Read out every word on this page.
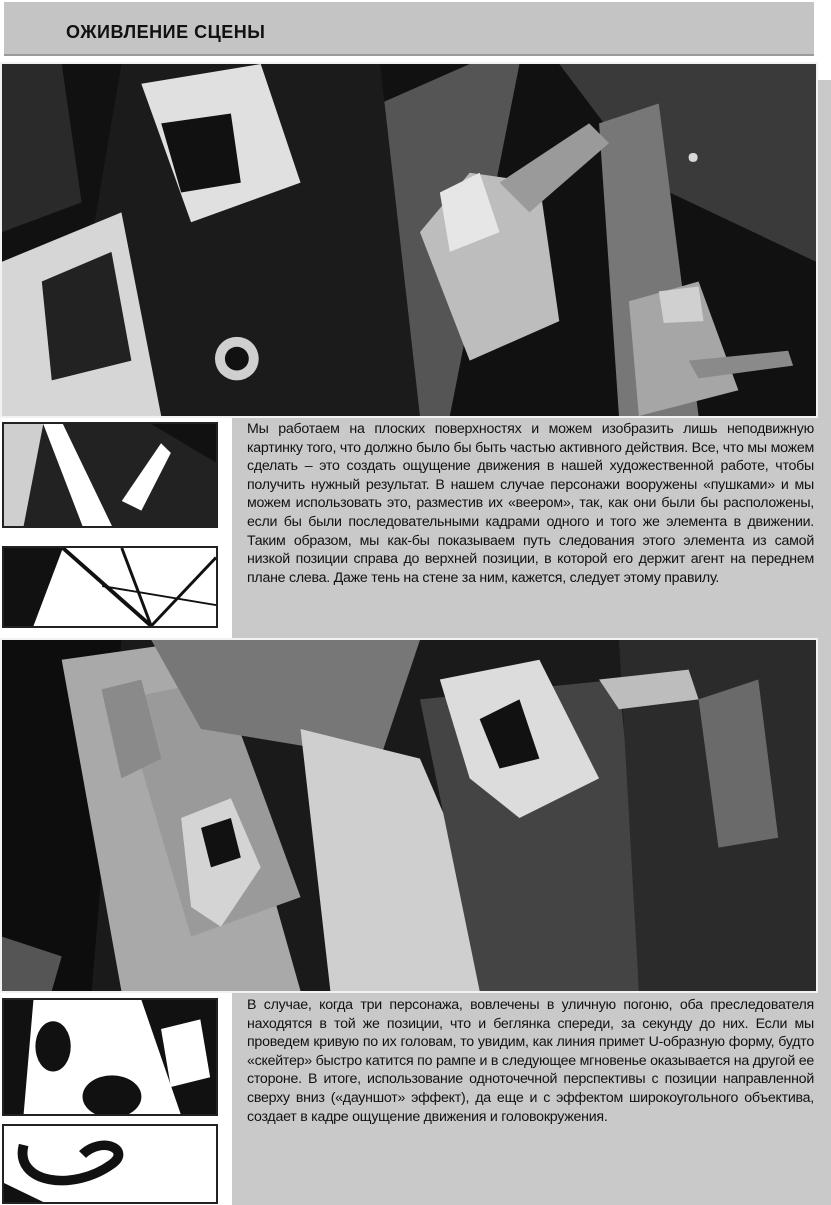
ОЖИВЛЕНИЕ СЦЕНЫ
Мы работаем на плоских поверхностях и можем изобразить лишь неподвижную картинку того, что должно было бы быть частью активного действия. Все, что мы можем сделать – это создать ощущение движения в нашей художественной работе, чтобы получить нужный результат. В нашем случае персонажи вооружены «пушками» и мы можем использовать это, разместив их «веером», так, как они были бы расположены, если бы были последовательными кадрами одного и того же элемента в движении. Таким образом, мы как-бы показываем путь следования этого элемента из самой низкой позиции справа до верхней позиции, в которой его держит агент на переднем плане слева. Даже тень на стене за ним, кажется, следует этому правилу.
В случае, когда три персонажа, вовлечены в уличную погоню, оба преследователя находятся в той же позиции, что и беглянка спереди, за секунду до них. Если мы проведем кривую по их головам, то увидим, как линия примет U-образную форму, будто «скейтер» быстро катится по рампе и в следующее мгновенье оказывается на другой ее стороне. В итоге, использование одноточечной перспективы с позиции направленной сверху вниз («дауншот» эффект), да еще и с эффектом широкоугольного объектива, создает в кадре ощущение движения и головокружения.
